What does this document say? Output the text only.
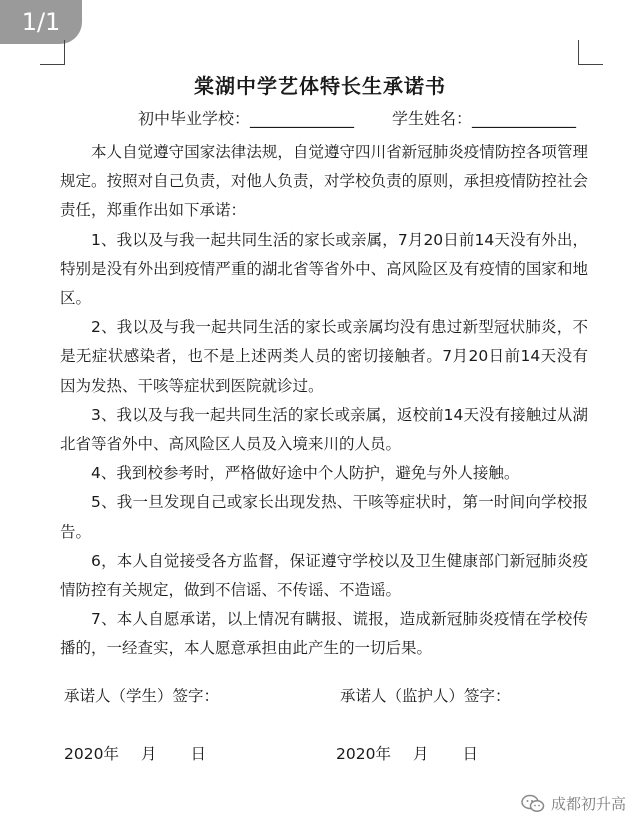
1/1
棠湖中学艺体特长生承诺书
初中毕业学校：_____________ 学生姓名：_____________

本人自觉遵守国家法律法规，自觉遵守四川省新冠肺炎疫情防控各项管理规定。按照对自己负责，对他人负责，对学校负责的原则，承担疫情防控社会责任，郑重作出如下承诺：

1、我以及与我一起共同生活的家长或亲属，7月20日前14天没有外出，特别是没有外出到疫情严重的湖北省等省外中、高风险区及有疫情的国家和地区。

2、我以及与我一起共同生活的家长或亲属均没有患过新型冠状肺炎，不是无症状感染者，也不是上述两类人员的密切接触者。7月20日前14天没有因为发热、干咳等症状到医院就诊过。

3、我以及与我一起共同生活的家长或亲属，返校前14天没有接触过从湖北省等省外中、高风险区人员及入境来川的人员。

4、我到校参考时，严格做好途中个人防护，避免与外人接触。

5、我一旦发现自己或家长出现发热、干咳等症状时，第一时间向学校报告。

6，本人自觉接受各方监督，保证遵守学校以及卫生健康部门新冠肺炎疫情防控有关规定，做到不信谣、不传谣、不造谣。

7、本人自愿承诺，以上情况有瞒报、谎报，造成新冠肺炎疫情在学校传播的，一经查实，本人愿意承担由此产生的一切后果。

承诺人（学生）签字：	承诺人（监护人）签字：
2020年 月 日	2020年 月 日
成都初升高
